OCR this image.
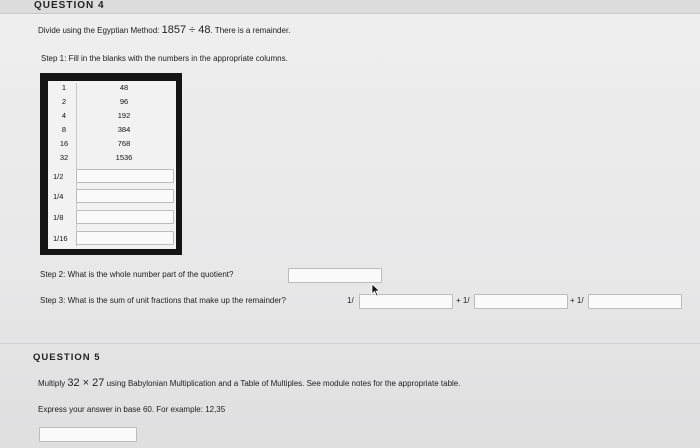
QUESTION 4
Divide using the Egyptian Method: 1857 ÷ 48. There is a remainder.
Step 1: Fill in the blanks with the numbers in the appropriate columns.
1	48
2	96
4	192
8	384
16	768
32	1536
1/2
1/4
1/8
1/16
Step 2: What is the whole number part of the quotient?
Step 3: What is the sum of unit fractions that make up the remainder?	1/	+ 1/	+ 1/
QUESTION 5
Multiply 32 × 27 using Babylonian Multiplication and a Table of Multiples. See module notes for the appropriate table.
Express your answer in base 60. For example: 12,35
